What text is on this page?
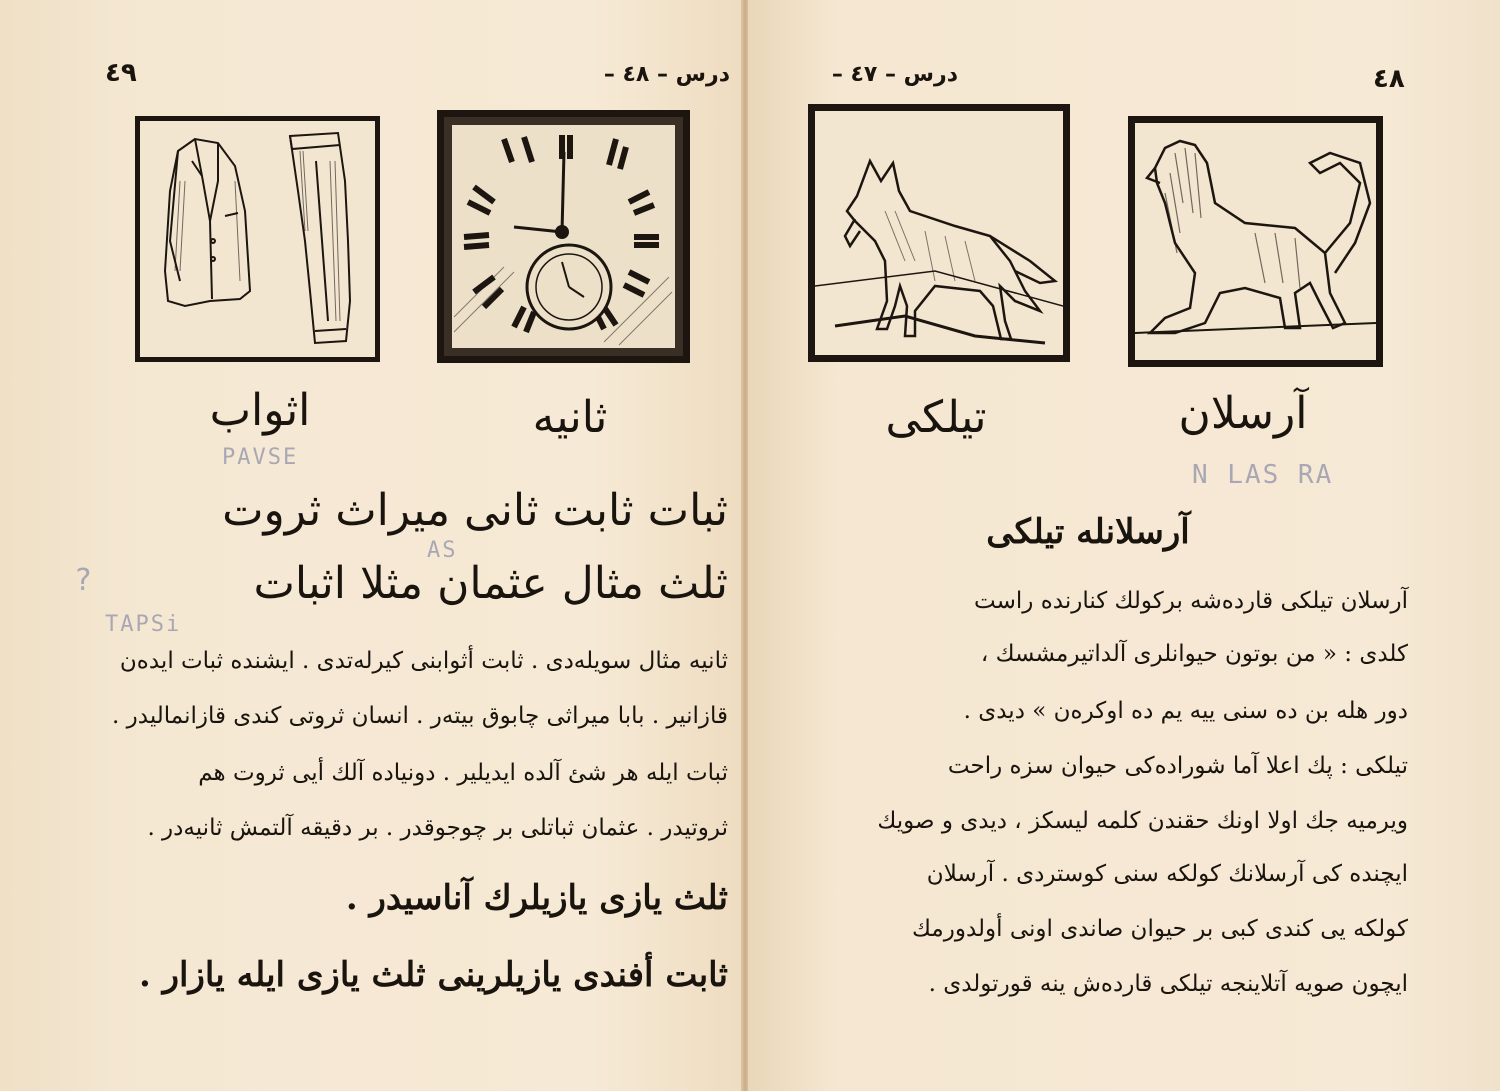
٤٩	درس – ٤٨ –
ثانيه
اثواب
PAVSE
AS
?
TAPSi
ثبات ثابت ثانى ميراث ثروت
ثلث مثال عثمان مثلا اثبات
ثانيه مثال سويلەدى . ثابت أثوابنى كيرلەتدى . ايشنده ثبات ايدەن
قازانير . بابا ميراثى چابوق بيتەر . انسان ثروتى كندى قازانماليدر .
ثبات ايله هر شئ آلده ايديلير . دونيادە آلك أيى ثروت هم
ثروتيدر . عثمان ثباتلى بر چوجوقدر . بر دقيقه آلتمش ثانيەدر .
ثلث يازى يازيلرك آناسيدر .
ثابت أفندى يازيلرينى ثلث يازى ايله يازار .
درس – ٤٧ –	٤٨
تيلكى	آرسلان
N LAS RA
آرسلانله تيلكى
آرسلان تيلكى قاردەشه بركولك كنارنده راست
كلدى : « من بوتون حيوانلرى آلداتيرمشسك ،
دور هله بن ده سنى ييه يم ده اوكرەن » ديدى .
تيلكى : پك اعلا آما شورادەكى حيوان سزه راحت
ويرميه جك اولا اونك حقندن كلمه ليسكز ، ديدى و صويك
ايچنده كى آرسلانك كولكه سنى كوستردى . آرسلان
كولكه يى كندى كبى بر حيوان صاندى اونى أولدورمك
ايچون صويه آتلاينجه تيلكى قاردەش ينه قورتولدى .
